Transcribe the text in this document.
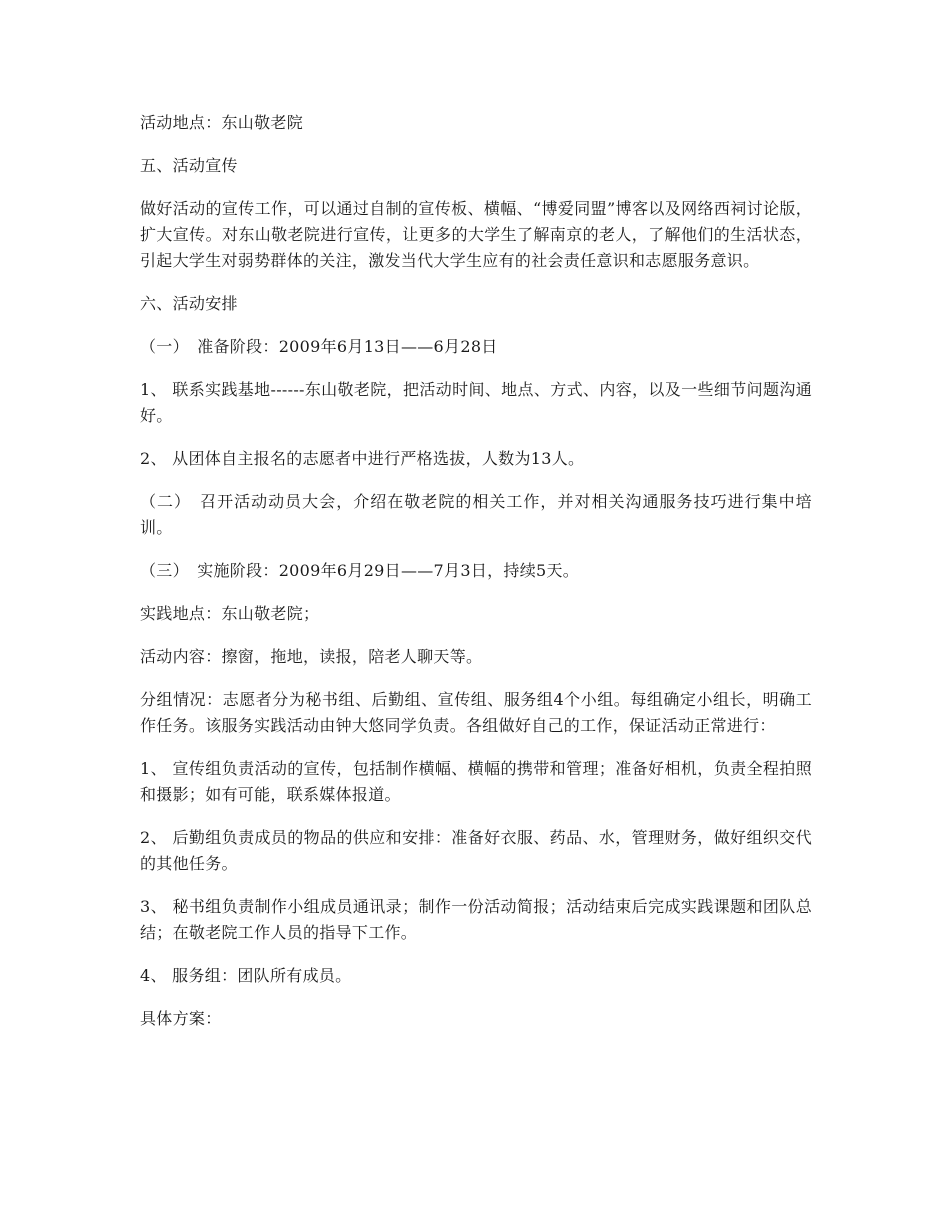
活动地点：东山敬老院

五、活动宣传

做好活动的宣传工作，可以通过自制的宣传板、横幅、“博爱同盟”博客以及网络西祠讨论版，扩大宣传。对东山敬老院进行宣传，让更多的大学生了解南京的老人，了解他们的生活状态，引起大学生对弱势群体的关注，激发当代大学生应有的社会责任意识和志愿服务意识。

六、活动安排

（一）　准备阶段：2009年6月13日——6月28日

1、 联系实践基地------东山敬老院，把活动时间、地点、方式、内容，以及一些细节问题沟通好。

2、 从团体自主报名的志愿者中进行严格选拔，人数为13人。

（二）　召开活动动员大会，介绍在敬老院的相关工作，并对相关沟通服务技巧进行集中培训。

（三）　实施阶段：2009年6月29日——7月3日，持续5天。

实践地点：东山敬老院；

活动内容：擦窗，拖地，读报，陪老人聊天等。

分组情况：志愿者分为秘书组、后勤组、宣传组、服务组4个小组。每组确定小组长，明确工作任务。该服务实践活动由钟大悠同学负责。各组做好自己的工作，保证活动正常进行：

1、 宣传组负责活动的宣传，包括制作横幅、横幅的携带和管理；准备好相机，负责全程拍照和摄影；如有可能，联系媒体报道。

2、 后勤组负责成员的物品的供应和安排：准备好衣服、药品、水，管理财务，做好组织交代的其他任务。

3、 秘书组负责制作小组成员通讯录；制作一份活动简报；活动结束后完成实践课题和团队总结；在敬老院工作人员的指导下工作。

4、 服务组：团队所有成员。

具体方案：
